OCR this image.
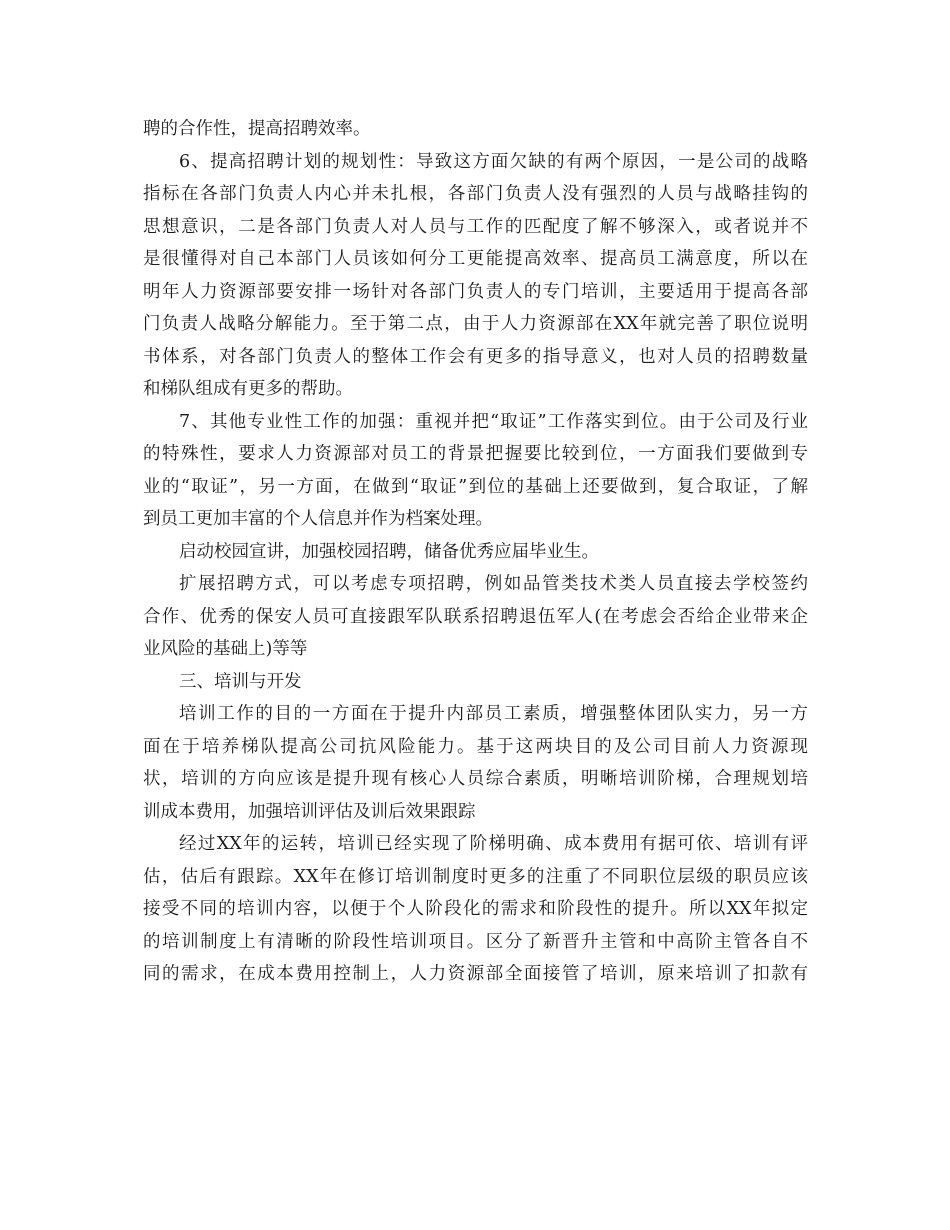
聘的合作性，提高招聘效率。
6、提高招聘计划的规划性：导致这方面欠缺的有两个原因，一是公司的战略
指标在各部门负责人内心并未扎根，各部门负责人没有强烈的人员与战略挂钩的
思想意识，二是各部门负责人对人员与工作的匹配度了解不够深入，或者说并不
是很懂得对自己本部门人员该如何分工更能提高效率、提高员工满意度，所以在
明年人力资源部要安排一场针对各部门负责人的专门培训，主要适用于提高各部
门负责人战略分解能力。至于第二点，由于人力资源部在XX年就完善了职位说明
书体系，对各部门负责人的整体工作会有更多的指导意义，也对人员的招聘数量
和梯队组成有更多的帮助。
7、其他专业性工作的加强：重视并把“取证”工作落实到位。由于公司及行业
的特殊性，要求人力资源部对员工的背景把握要比较到位，一方面我们要做到专
业的“取证”，另一方面，在做到“取证”到位的基础上还要做到，复合取证，了解
到员工更加丰富的个人信息并作为档案处理。
启动校园宣讲，加强校园招聘，储备优秀应届毕业生。
扩展招聘方式，可以考虑专项招聘，例如品管类技术类人员直接去学校签约
合作、优秀的保安人员可直接跟军队联系招聘退伍军人(在考虑会否给企业带来企
业风险的基础上)等等
三、培训与开发
培训工作的目的一方面在于提升内部员工素质，增强整体团队实力，另一方
面在于培养梯队提高公司抗风险能力。基于这两块目的及公司目前人力资源现
状，培训的方向应该是提升现有核心人员综合素质，明晰培训阶梯，合理规划培
训成本费用，加强培训评估及训后效果跟踪
经过XX年的运转，培训已经实现了阶梯明确、成本费用有据可依、培训有评
估，估后有跟踪。XX年在修订培训制度时更多的注重了不同职位层级的职员应该
接受不同的培训内容，以便于个人阶段化的需求和阶段性的提升。所以XX年拟定
的培训制度上有清晰的阶段性培训项目。区分了新晋升主管和中高阶主管各自不
同的需求，在成本费用控制上，人力资源部全面接管了培训，原来培训了扣款有
